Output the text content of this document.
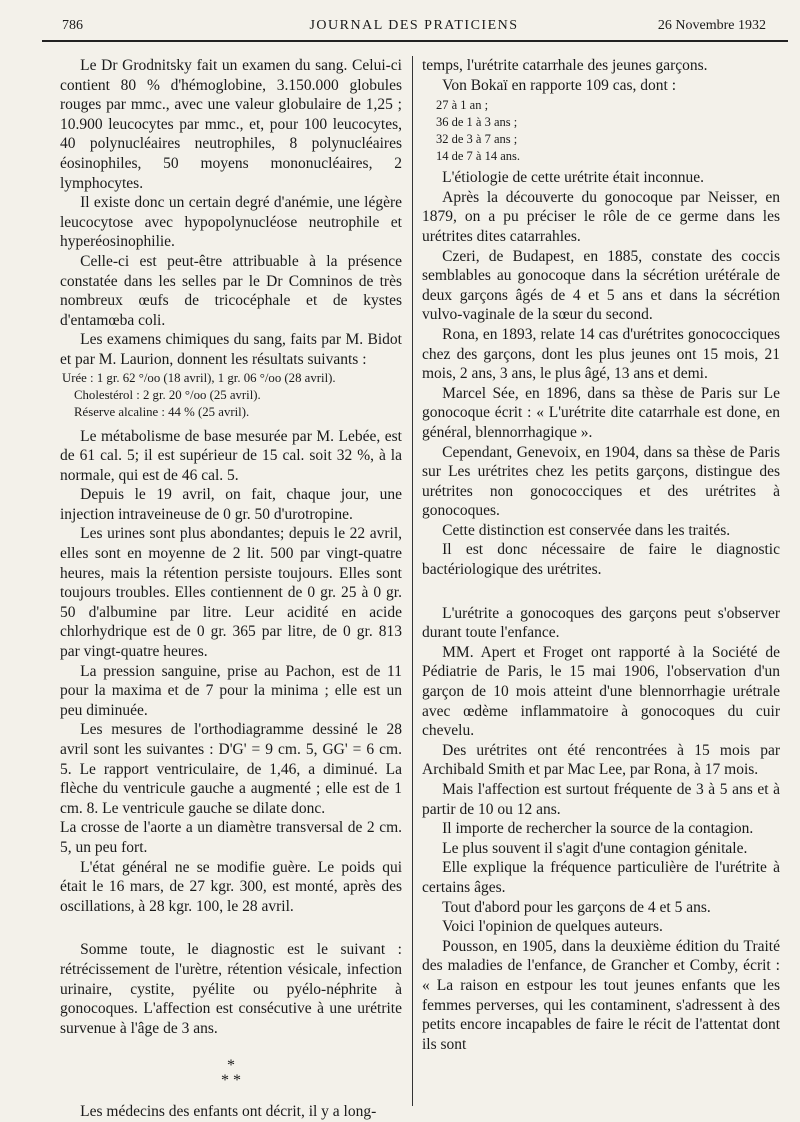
786	JOURNAL DES PRATICIENS	26 Novembre 1932

Le Dr Grodnitsky fait un examen du sang. Celui-ci contient 80 % d'hémoglobine, 3.150.000 globules rouges par mmc., avec une valeur globulaire de 1,25 ; 10.900 leucocytes par mmc., et, pour 100 leucocytes, 40 polynucléaires neutrophiles, 8 polynucléaires éosinophiles, 50 moyens mononucléaires, 2 lymphocytes.

Il existe donc un certain degré d'anémie, une légère leucocytose avec hypopolynucléose neutrophile et hyperéosinophilie.

Celle-ci est peut-être attribuable à la présence constatée dans les selles par le Dr Comninos de très nombreux œufs de tricocéphale et de kystes d'entamœba coli.

Les examens chimiques du sang, faits par M. Bidot et par M. Laurion, donnent les résultats suivants :

Urée : 1 gr. 62 °/oo (18 avril), 1 gr. 06 °/oo (28 avril).

Cholestérol : 2 gr. 20 °/oo (25 avril).

Réserve alcaline : 44 % (25 avril).

Le métabolisme de base mesurée par M. Lebée, est de 61 cal. 5; il est supérieur de 15 cal. soit 32 %, à la normale, qui est de 46 cal. 5.

Depuis le 19 avril, on fait, chaque jour, une injection intraveineuse de 0 gr. 50 d'urotropine.

Les urines sont plus abondantes; depuis le 22 avril, elles sont en moyenne de 2 lit. 500 par vingt-quatre heures, mais la rétention persiste toujours. Elles sont toujours troubles. Elles contiennent de 0 gr. 25 à 0 gr. 50 d'albumine par litre. Leur acidité en acide chlorhydrique est de 0 gr. 365 par litre, de 0 gr. 813 par vingt-quatre heures.

La pression sanguine, prise au Pachon, est de 11 pour la maxima et de 7 pour la minima ; elle est un peu diminuée.

Les mesures de l'orthodiagramme dessiné le 28 avril sont les suivantes : D'G' = 9 cm. 5, GG' = 6 cm. 5. Le rapport ventriculaire, de 1,46, a diminué. La flèche du ventricule gauche a augmenté ; elle est de 1 cm. 8. Le ventricule gauche se dilate donc.

La crosse de l'aorte a un diamètre transversal de 2 cm. 5, un peu fort.

L'état général ne se modifie guère. Le poids qui était le 16 mars, de 27 kgr. 300, est monté, après des oscillations, à 28 kgr. 100, le 28 avril.

Somme toute, le diagnostic est le suivant : rétrécissement de l'urètre, rétention vésicale, infection urinaire, cystite, pyélite ou pyélo-néphrite à gonocoques. L'affection est consécutive à une urétrite survenue à l'âge de 3 ans.

*
* *

Les médecins des enfants ont décrit, il y a long-

temps, l'urétrite catarrhale des jeunes garçons.

Von Bokaï en rapporte 109 cas, dont :

27 à 1 an ;
36 de 1 à 3 ans ;
32 de 3 à 7 ans ;
14 de 7 à 14 ans.

L'étiologie de cette urétrite était inconnue.

Après la découverte du gonocoque par Neisser, en 1879, on a pu préciser le rôle de ce germe dans les urétrites dites catarrahles.

Czeri, de Budapest, en 1885, constate des coccis semblables au gonocoque dans la sécrétion urétérale de deux garçons âgés de 4 et 5 ans et dans la sécrétion vulvo-vaginale de la sœur du second.

Rona, en 1893, relate 14 cas d'urétrites gonococciques chez des garçons, dont les plus jeunes ont 15 mois, 21 mois, 2 ans, 3 ans, le plus âgé, 13 ans et demi.

Marcel Sée, en 1896, dans sa thèse de Paris sur Le gonocoque écrit : « L'urétrite dite catarrhale est done, en général, blennorrhagique ».

Cependant, Genevoix, en 1904, dans sa thèse de Paris sur Les urétrites chez les petits garçons, distingue des urétrites non gonococciques et des urétrites à gonocoques.

Cette distinction est conservée dans les traités.

Il est donc nécessaire de faire le diagnostic bactériologique des urétrites.

L'urétrite a gonocoques des garçons peut s'observer durant toute l'enfance.

MM. Apert et Froget ont rapporté à la Société de Pédiatrie de Paris, le 15 mai 1906, l'observation d'un garçon de 10 mois atteint d'une blennorrhagie urétrale avec œdème inflammatoire à gonocoques du cuir chevelu.

Des urétrites ont été rencontrées à 15 mois par Archibald Smith et par Mac Lee, par Rona, à 17 mois.

Mais l'affection est surtout fréquente de 3 à 5 ans et à partir de 10 ou 12 ans.

Il importe de rechercher la source de la contagion.

Le plus souvent il s'agit d'une contagion génitale.

Elle explique la fréquence particulière de l'urétrite à certains âges.

Tout d'abord pour les garçons de 4 et 5 ans.

Voici l'opinion de quelques auteurs.

Pousson, en 1905, dans la deuxième édition du Traité des maladies de l'enfance, de Grancher et Comby, écrit : « La raison en estpour les tout jeunes enfants que les femmes perverses, qui les contaminent, s'adressent à des petits encore incapables de faire le récit de l'attentat dont ils sont
